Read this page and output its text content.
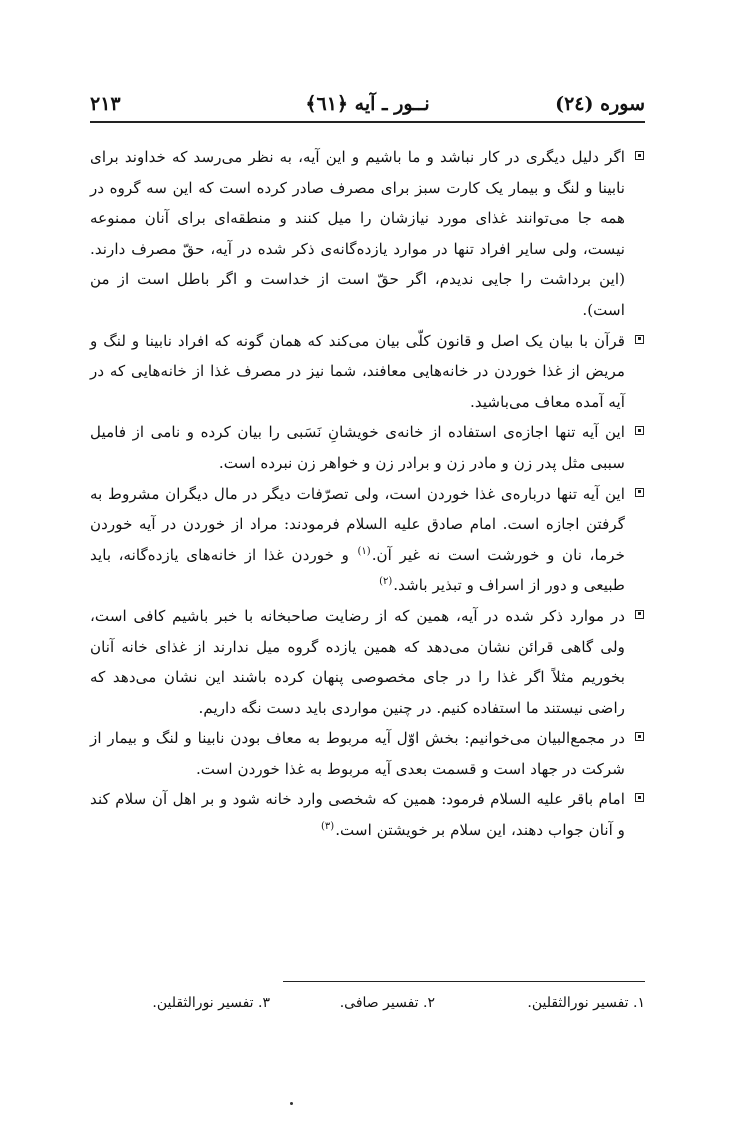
سوره (٢٤)
نــور ـ آيه ﴿٦١﴾
٢١٣

اگر دليل ديگرى در كار نباشد و ما باشيم و اين آيه، به نظر مى‌رسد كه خداوند براى نابينا و لنگ و بيمار يک كارت سبز براى مصرف صادر كرده است كه اين سه گروه در همه جا مى‌توانند غذاى مورد نيازشان را ميل كنند و منطقه‌اى براى آنان ممنوعه نيست، ولى ساير افراد تنها در موارد يازده‌گانه‌ى ذكر شده در آيه، حقّ مصرف دارند. (اين برداشت را جايى نديدم، اگر حقّ است از خداست و اگر باطل است از من است).

قرآن با بيان يک اصل و قانون كلّى بيان مى‌كند كه همان گونه كه افراد نابينا و لنگ و مريض از غذا خوردن در خانه‌هايى معافند، شما نيز در مصرف غذا از خانه‌هايى كه در آيه آمده معاف مى‌باشيد.

اين آيه تنها اجازه‌ى استفاده از خانه‌ى خويشانِ نَسَبى را بيان كرده و نامى از فاميل سببى مثل پدر زن و مادر زن و برادر زن و خواهر زن نبرده است.

اين آيه تنها درباره‌ى غذا خوردن است، ولى تصرّفات ديگر در مال ديگران مشروط به گرفتن اجازه است. امام صادق عليه السلام فرمودند: مراد از خوردن در آيه خوردن خرما، نان و خورشت است نه غير آن.$^{(١)}$ و خوردن غذا از خانه‌هاى يازده‌گانه، بايد طبيعى و دور از اسراف و تبذير باشد.$^{(٢)}$

در موارد ذكر شده در آيه، همين كه از رضايت صاحبخانه با خبر باشيم كافى است، ولى گاهى قرائن نشان مى‌دهد كه همين يازده گروه ميل ندارند از غذاى خانه آنان بخوريم مثلاً اگر غذا را در جاى مخصوصى پنهان كرده باشند اين نشان مى‌دهد كه راضى نيستند ما استفاده كنيم. در چنين مواردى بايد دست نگه داريم.

در مجمع‌البيان مى‌خوانيم: بخش اوّل آيه مربوط به معاف بودن نابينا و لنگ و بيمار از شركت در جهاد است و قسمت بعدى آيه مربوط به غذا خوردن است.

امام باقر عليه السلام فرمود: همين كه شخصى وارد خانه شود و بر اهل آن سلام كند و آنان جواب دهند، اين سلام بر خويشتن است.$^{(٣)}$

١. تفسير نورالثقلين.
٢. تفسير صافى.
٣. تفسير نورالثقلين.
